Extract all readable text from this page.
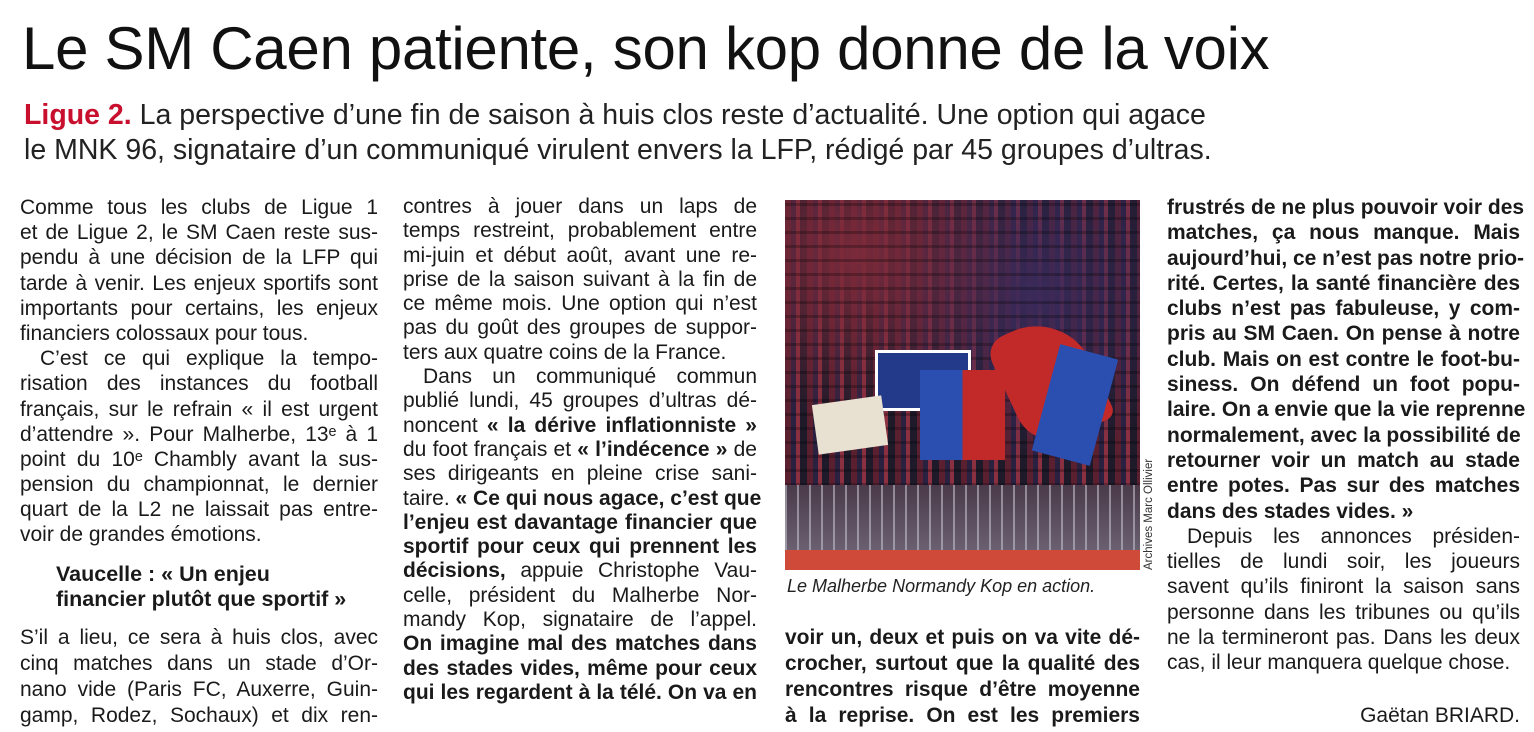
Le SM Caen patiente, son kop donne de la voix
Ligue 2. La perspective d’une fin de saison à huis clos reste d’actualité. Une option qui agace
le MNK 96, signataire d’un communiqué virulent envers la LFP, rédigé par 45 groupes d’ultras.
Comme tous les clubs de Ligue 1
et de Ligue 2, le SM Caen reste sus-
pendu à une décision de la LFP qui
tarde à venir. Les enjeux sportifs sont
importants pour certains, les enjeux
financiers colossaux pour tous.
C’est ce qui explique la tempo-
risation des instances du football
français, sur le refrain « il est urgent
d’attendre ». Pour Malherbe, 13ᵉ à 1
point du 10ᵉ Chambly avant la sus-
pension du championnat, le dernier
quart de la L2 ne laissait pas entre-
voir de grandes émotions.
Vaucelle : « Un enjeu
financier plutôt que sportif »
S’il a lieu, ce sera à huis clos, avec
cinq matches dans un stade d’Or-
nano vide (Paris FC, Auxerre, Guin-
gamp, Rodez, Sochaux) et dix ren-
contres à jouer dans un laps de
temps restreint, probablement entre
mi-juin et début août, avant une re-
prise de la saison suivant à la fin de
ce même mois. Une option qui n’est
pas du goût des groupes de suppor-
ters aux quatre coins de la France.
Dans un communiqué commun
publié lundi, 45 groupes d’ultras dé-
noncent « la dérive inflationniste »
du foot français et « l’indécence » de
ses dirigeants en pleine crise sani-
taire. « Ce qui nous agace, c’est que
l’enjeu est davantage financier que
sportif pour ceux qui prennent les
décisions, appuie Christophe Vau-
celle, président du Malherbe Nor-
mandy Kop, signataire de l’appel.
On imagine mal des matches dans
des stades vides, même pour ceux
qui les regardent à la télé. On va en
Archives Marc Ollivier
Le Malherbe Normandy Kop en action.
voir un, deux et puis on va vite dé-
crocher, surtout que la qualité des
rencontres risque d’être moyenne
à la reprise. On est les premiers
frustrés de ne plus pouvoir voir des
matches, ça nous manque. Mais
aujourd’hui, ce n’est pas notre prio-
rité. Certes, la santé financière des
clubs n’est pas fabuleuse, y com-
pris au SM Caen. On pense à notre
club. Mais on est contre le foot-bu-
siness. On défend un foot popu-
laire. On a envie que la vie reprenne
normalement, avec la possibilité de
retourner voir un match au stade
entre potes. Pas sur des matches
dans des stades vides. »
Depuis les annonces présiden-
tielles de lundi soir, les joueurs
savent qu’ils finiront la saison sans
personne dans les tribunes ou qu’ils
ne la termineront pas. Dans les deux
cas, il leur manquera quelque chose.
Gaëtan BRIARD.
